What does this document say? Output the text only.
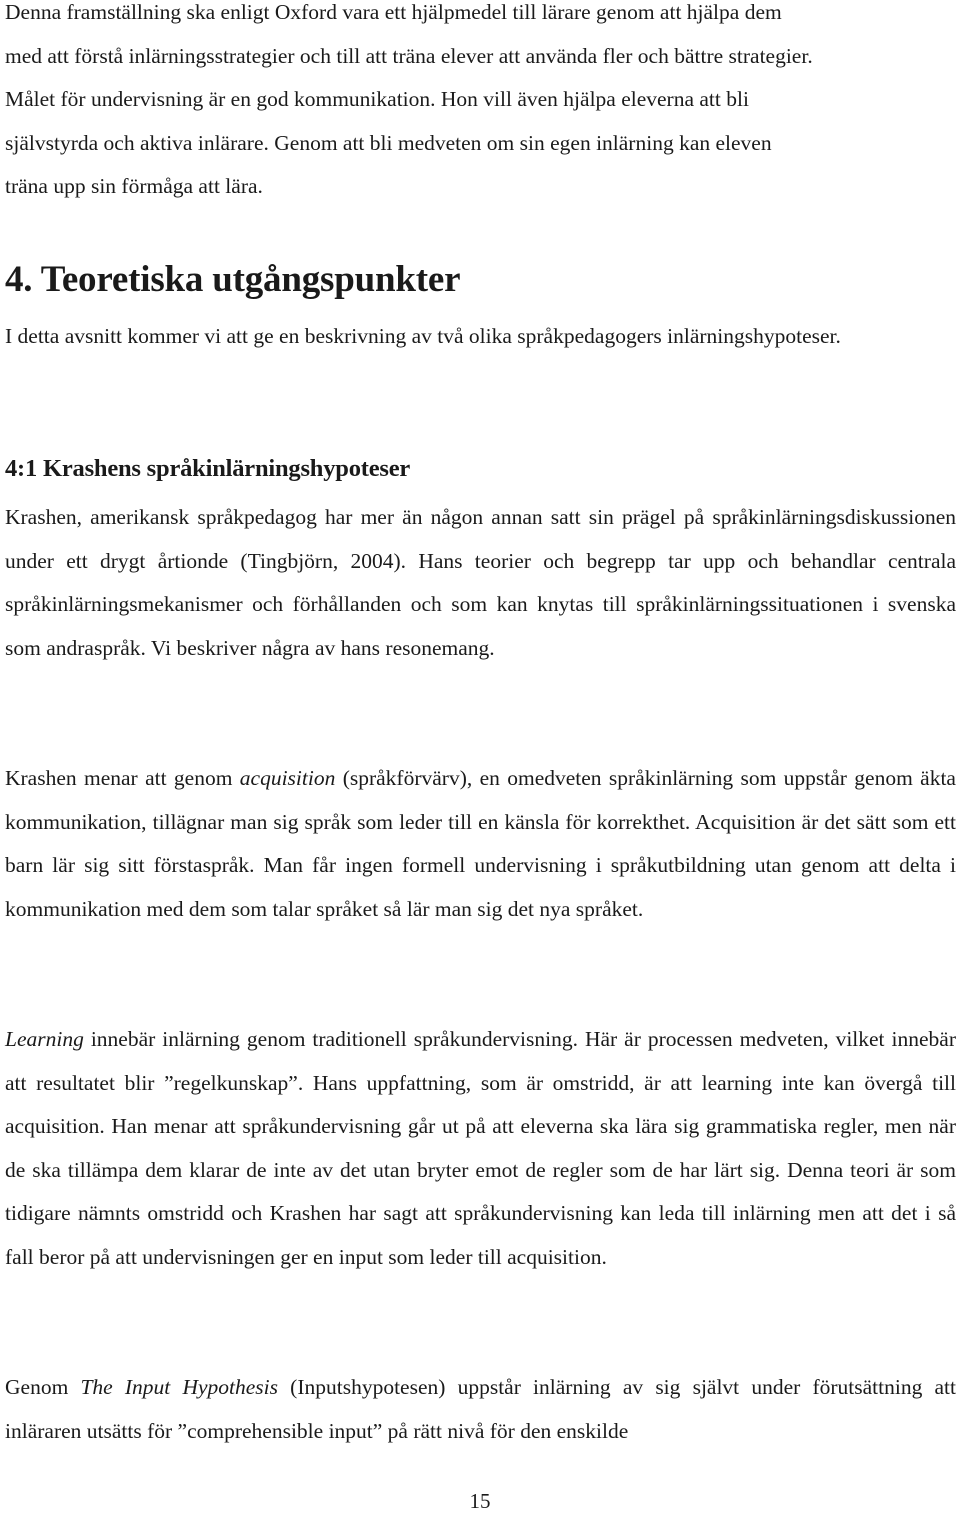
Denna framställning ska enligt Oxford vara ett hjälpmedel till lärare genom att hjälpa dem
med att förstå inlärningsstrategier och till att träna elever att använda fler och bättre strategier.
Målet för undervisning är en god kommunikation. Hon vill även hjälpa eleverna att bli
självstyrda och aktiva inlärare. Genom att bli medveten om sin egen inlärning kan eleven
träna upp sin förmåga att lära.
4. Teoretiska utgångspunkter

I detta avsnitt kommer vi att ge en beskrivning av två olika språkpedagogers inlärningshypoteser.

4:1 Krashens språkinlärningshypoteser

Krashen, amerikansk språkpedagog har mer än någon annan satt sin prägel på språkinlärningsdiskussionen under ett drygt årtionde (Tingbjörn, 2004). Hans teorier och begrepp tar upp och behandlar centrala språkinlärningsmekanismer och förhållanden och som kan knytas till språkinlärningssituationen i svenska som andraspråk. Vi beskriver några av hans resonemang.

Krashen menar att genom acquisition (språkförvärv), en omedveten språkinlärning som uppstår genom äkta kommunikation, tillägnar man sig språk som leder till en känsla för korrekthet. Acquisition är det sätt som ett barn lär sig sitt förstaspråk. Man får ingen formell undervisning i språkutbildning utan genom att delta i kommunikation med dem som talar språket så lär man sig det nya språket.

Learning innebär inlärning genom traditionell språkundervisning. Här är processen medveten, vilket innebär att resultatet blir ”regelkunskap”. Hans uppfattning, som är omstridd, är att learning inte kan övergå till acquisition. Han menar att språkundervisning går ut på att eleverna ska lära sig grammatiska regler, men när de ska tillämpa dem klarar de inte av det utan bryter emot de regler som de har lärt sig. Denna teori är som tidigare nämnts omstridd och Krashen har sagt att språkundervisning kan leda till inlärning men att det i så fall beror på att undervisningen ger en input som leder till acquisition.

Genom The Input Hypothesis (Inputshypotesen) uppstår inlärning av sig självt under förutsättning att inläraren utsätts för ”comprehensible input” på rätt nivå för den enskilde

15
